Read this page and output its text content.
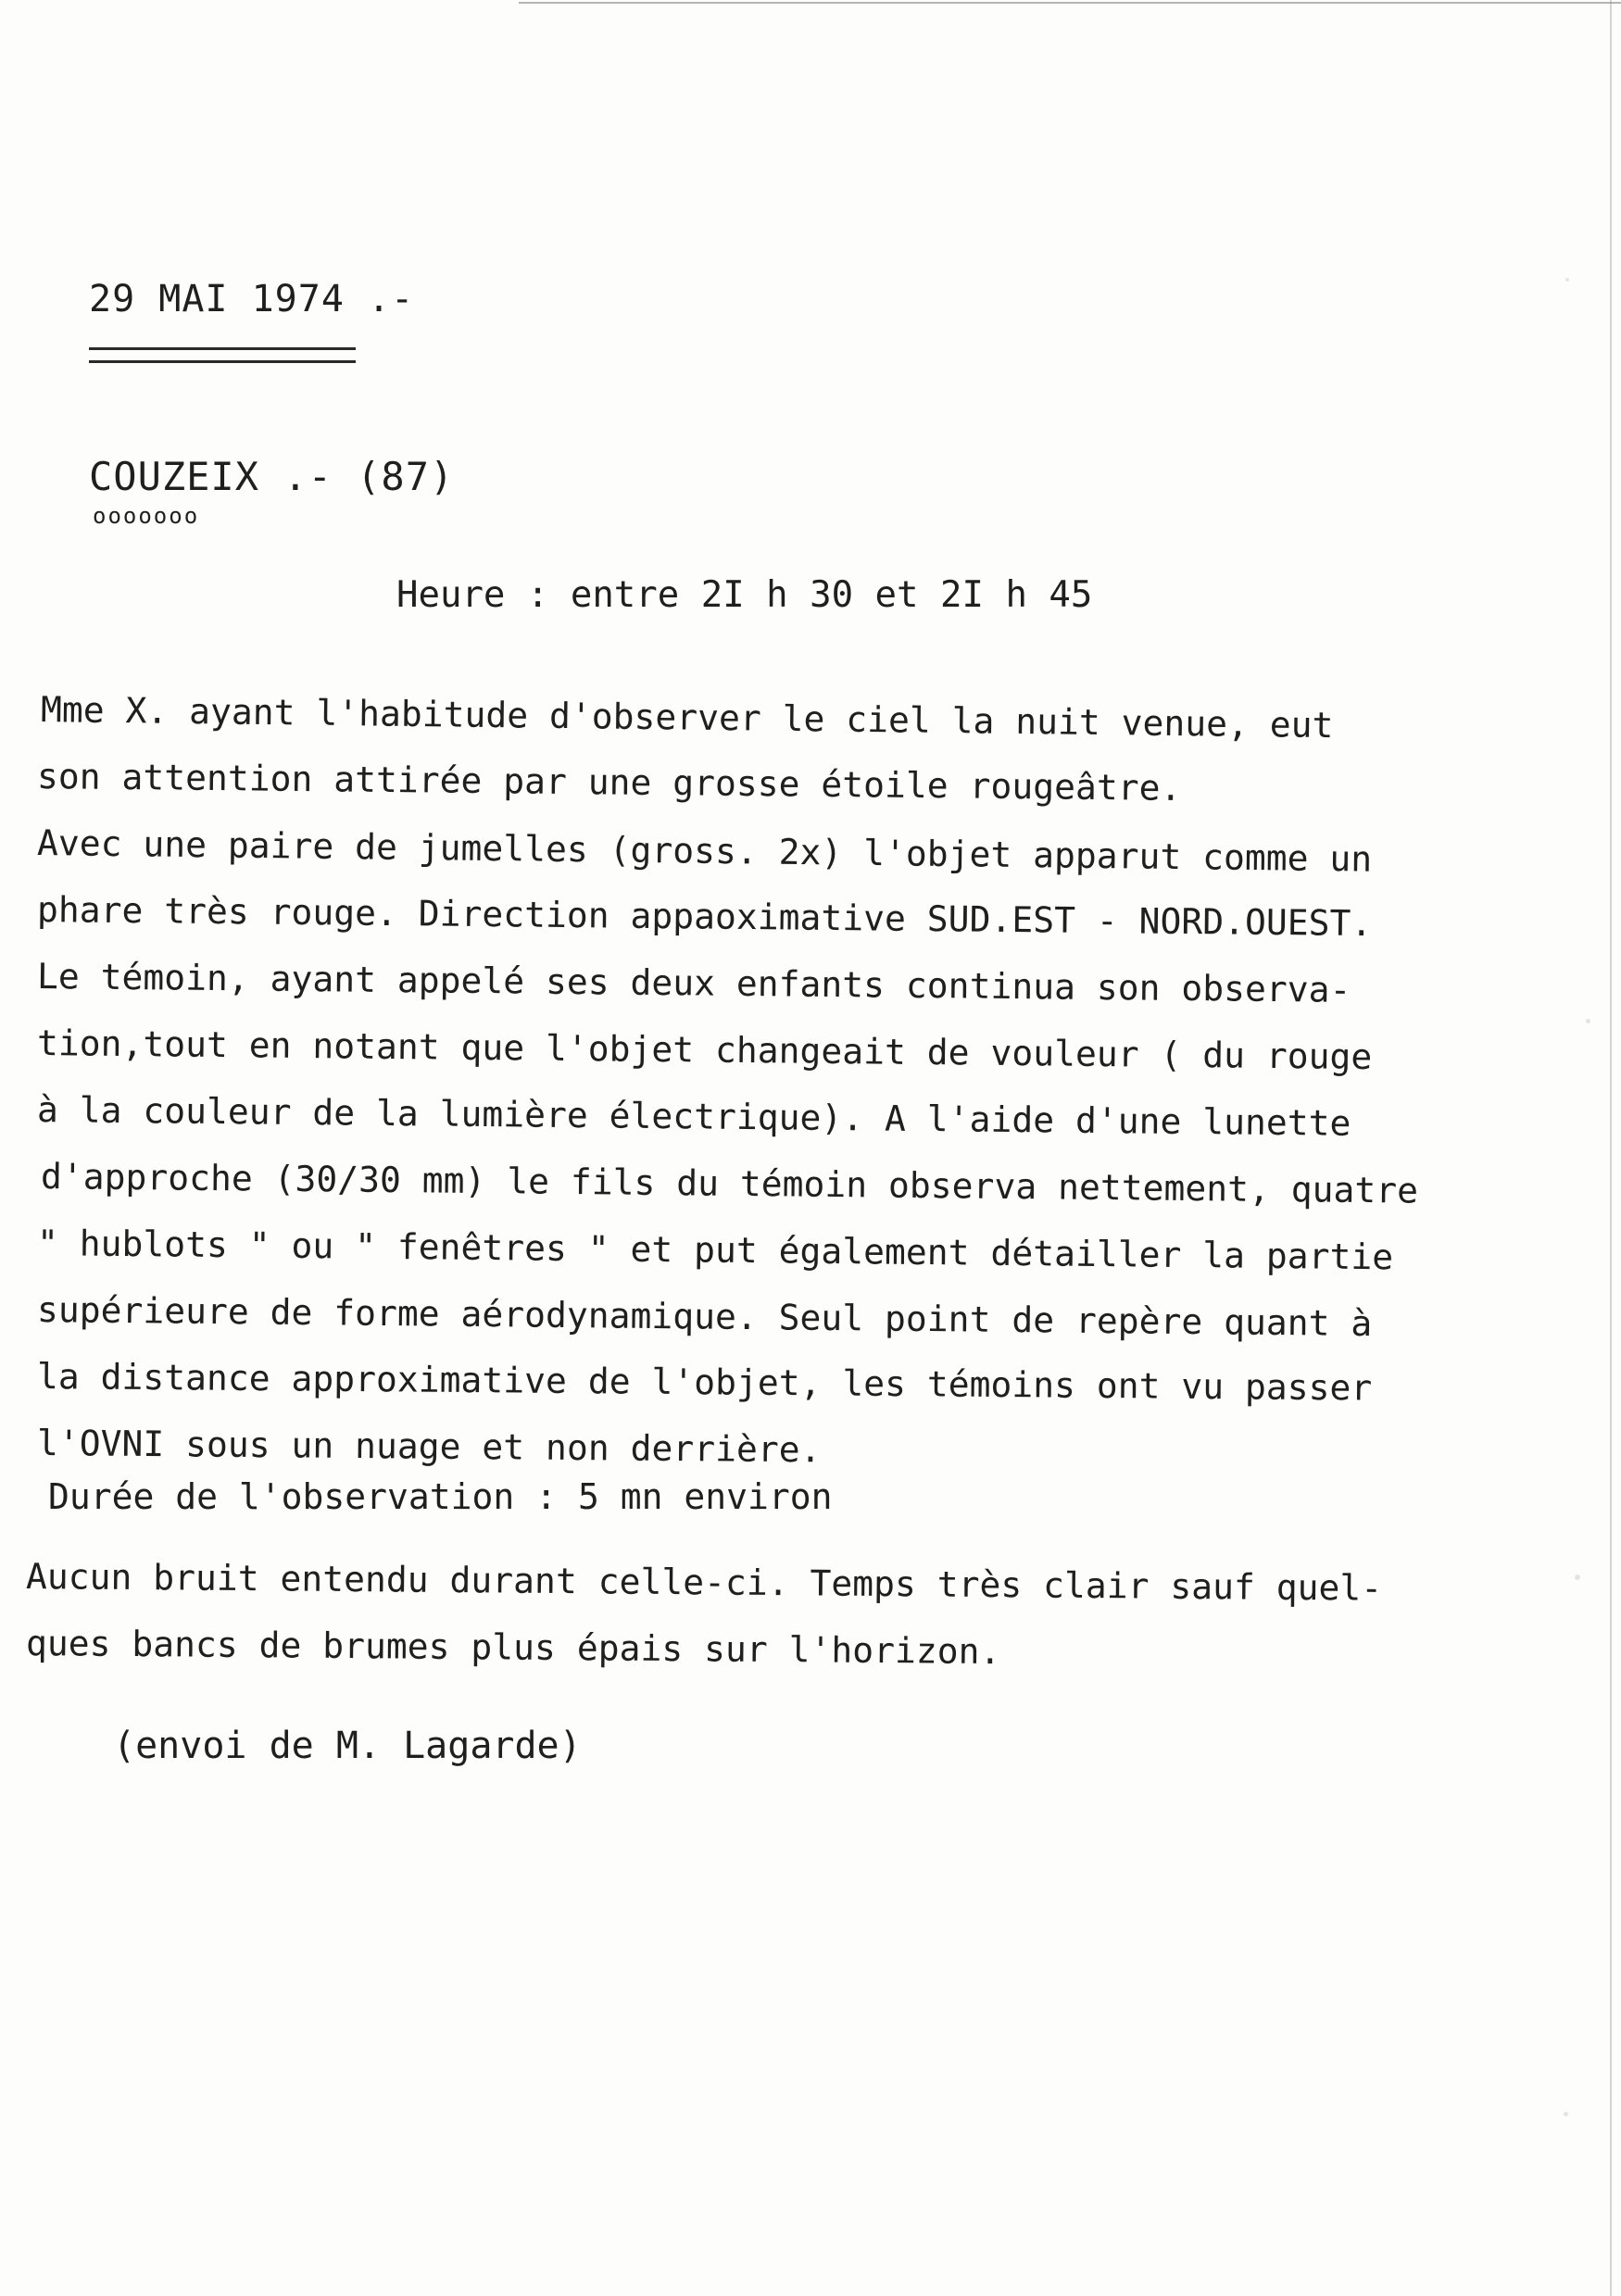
29 MAI 1974 .-
COUZEIX .- (87)
ooooooo
Heure : entre 2I h 30 et 2I h 45
Mme X. ayant l'habitude d'observer le ciel la nuit venue, eut
son attention attirée par une grosse étoile rougeâtre.
Avec une paire de jumelles (gross. 2x) l'objet apparut comme un
phare très rouge. Direction appaoximative SUD.EST - NORD.OUEST.
Le témoin, ayant appelé ses deux enfants continua son observa-
tion,tout en notant que l'objet changeait de vouleur ( du rouge
à la couleur de la lumière électrique). A l'aide d'une lunette
d'approche (30/30 mm) le fils du témoin observa nettement, quatre
" hublots " ou " fenêtres " et put également détailler la partie
supérieure de forme aérodynamique. Seul point de repère quant à
la distance approximative de l'objet, les témoins ont vu passer
l'OVNI sous un nuage et non derrière.
Durée de l'observation : 5 mn environ
Aucun bruit entendu durant celle-ci. Temps très clair sauf quel-
ques bancs de brumes plus épais sur l'horizon.
(envoi de M. Lagarde)
